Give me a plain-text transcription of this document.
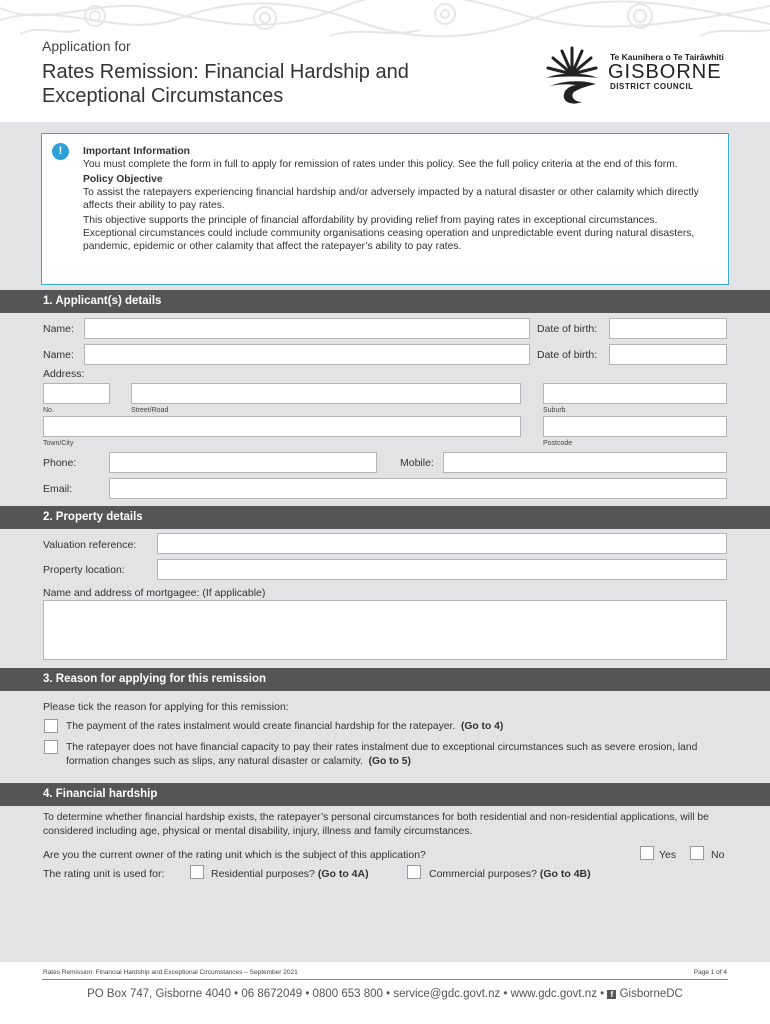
Application for
Rates Remission: Financial Hardship and
Exceptional Circumstances
Te Kaunihera o Te Tairāwhiti
GISBORNE
DISTRICT COUNCIL
!	Important Information

You must complete the form in full to apply for remission of rates under this policy. See the full policy criteria at the end of this form.

Policy Objective

To assist the ratepayers experiencing financial hardship and/or adversely impacted by a natural disaster or other calamity which directly affects their ability to pay rates.

This objective supports the principle of financial affordability by providing relief from paying rates in exceptional circumstances. Exceptional circumstances could include community organisations ceasing operation and unpredictable event during natural disasters, pandemic, epidemic or other calamity that affect the ratepayer’s ability to pay rates.

1. Applicant(s) details
Name:	Date of birth:
Name:	Date of birth:
Address:
No.	Street/Road	Suburb
Town/City	Postcode
Phone:	Mobile:
Email:
2. Property details
Valuation reference:
Property location:
Name and address of mortgagee: (If applicable)
3. Reason for applying for this remission
Please tick the reason for applying for this remission:
The payment of the rates instalment would create financial hardship for the ratepayer. (Go to 4)
The ratepayer does not have financial capacity to pay their rates instalment due to exceptional circumstances such as severe erosion, land formation changes such as slips, any natural disaster or calamity. (Go to 5)
4. Financial hardship
To determine whether financial hardship exists, the ratepayer’s personal circumstances for both residential and non-residential applications, will be considered including age, physical or mental disability, injury, illness and family circumstances.
Are you the current owner of the rating unit which is the subject of this application?	Yes	No
The rating unit is used for:	Residential purposes? (Go to 4A)	Commercial purposes? (Go to 4B)
Rates Remission: Financial Hardship and Exceptional Circumstances – September 2021	Page 1 of 4
PO Box 747, Gisborne 4040 • 06 8672049 • 0800 653 800 • service@gdc.govt.nz • www.gdc.govt.nz • f GisborneDC
